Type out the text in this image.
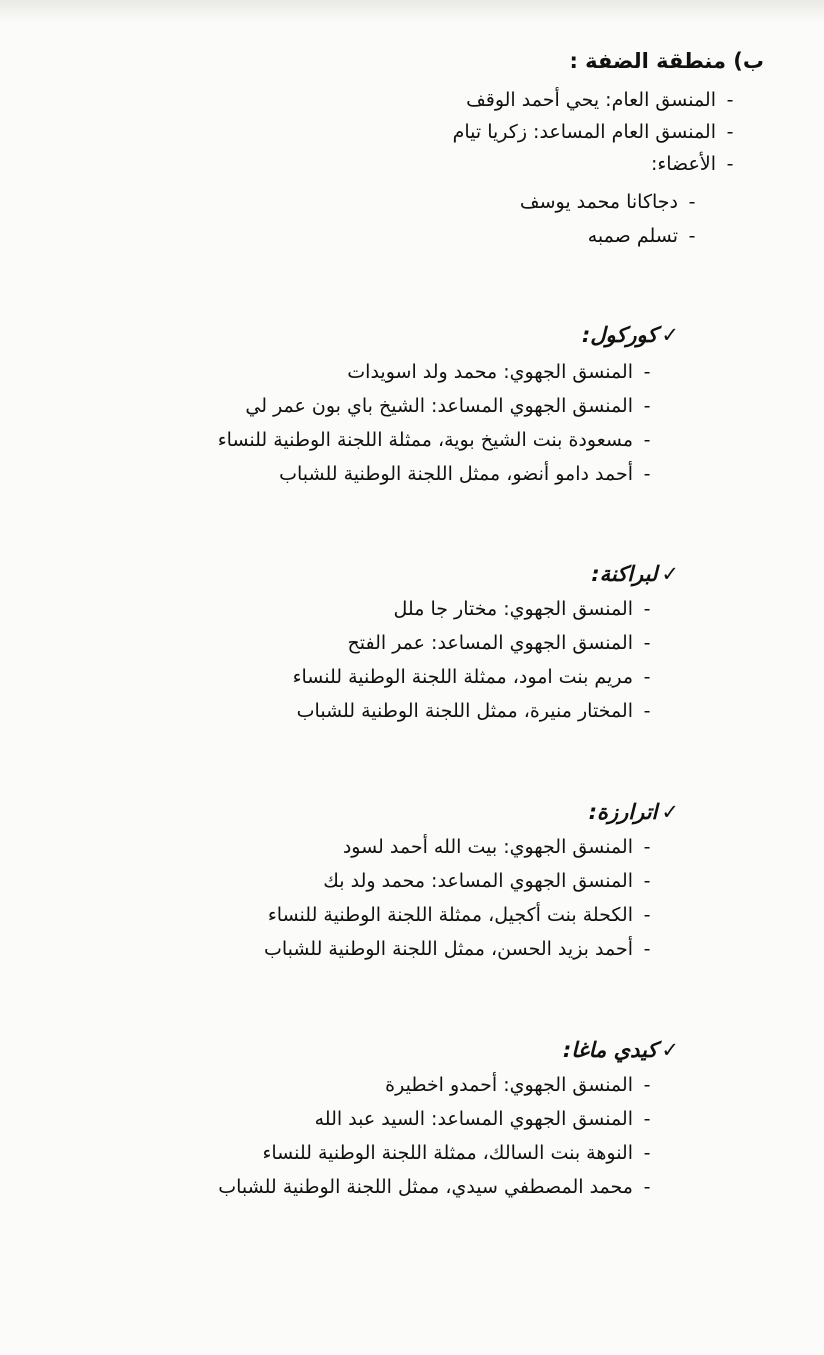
ب) منطقة الضفة :
-المنسق العام: يحي أحمد الوقف
-المنسق العام المساعد: زكريا تيام
-الأعضاء:
-دجاكانا محمد يوسف
-تسلم صمبه
✓كوركول:
-المنسق الجهوي: محمد ولد اسويدات
-المنسق الجهوي المساعد: الشيخ باي بون عمر لي
-مسعودة بنت الشيخ بوية، ممثلة اللجنة الوطنية للنساء
-أحمد دامو أنضو، ممثل اللجنة الوطنية للشباب
✓لبراكنة:
-المنسق الجهوي: مختار جا ملل
-المنسق الجهوي المساعد: عمر الفتح
-مريم بنت امود، ممثلة اللجنة الوطنية للنساء
-المختار منيرة، ممثل اللجنة الوطنية للشباب
✓اترارزة:
-المنسق الجهوي: بيت الله أحمد لسود
-المنسق الجهوي المساعد: محمد ولد بك
-الكحلة بنت أكجيل، ممثلة اللجنة الوطنية للنساء
-أحمد بزيد الحسن، ممثل اللجنة الوطنية للشباب
✓كيدي ماغا:
-المنسق الجهوي: أحمدو اخطيرة
-المنسق الجهوي المساعد: السيد عبد الله
-النوهة بنت السالك، ممثلة اللجنة الوطنية للنساء
-محمد المصطفي سيدي، ممثل اللجنة الوطنية للشباب
